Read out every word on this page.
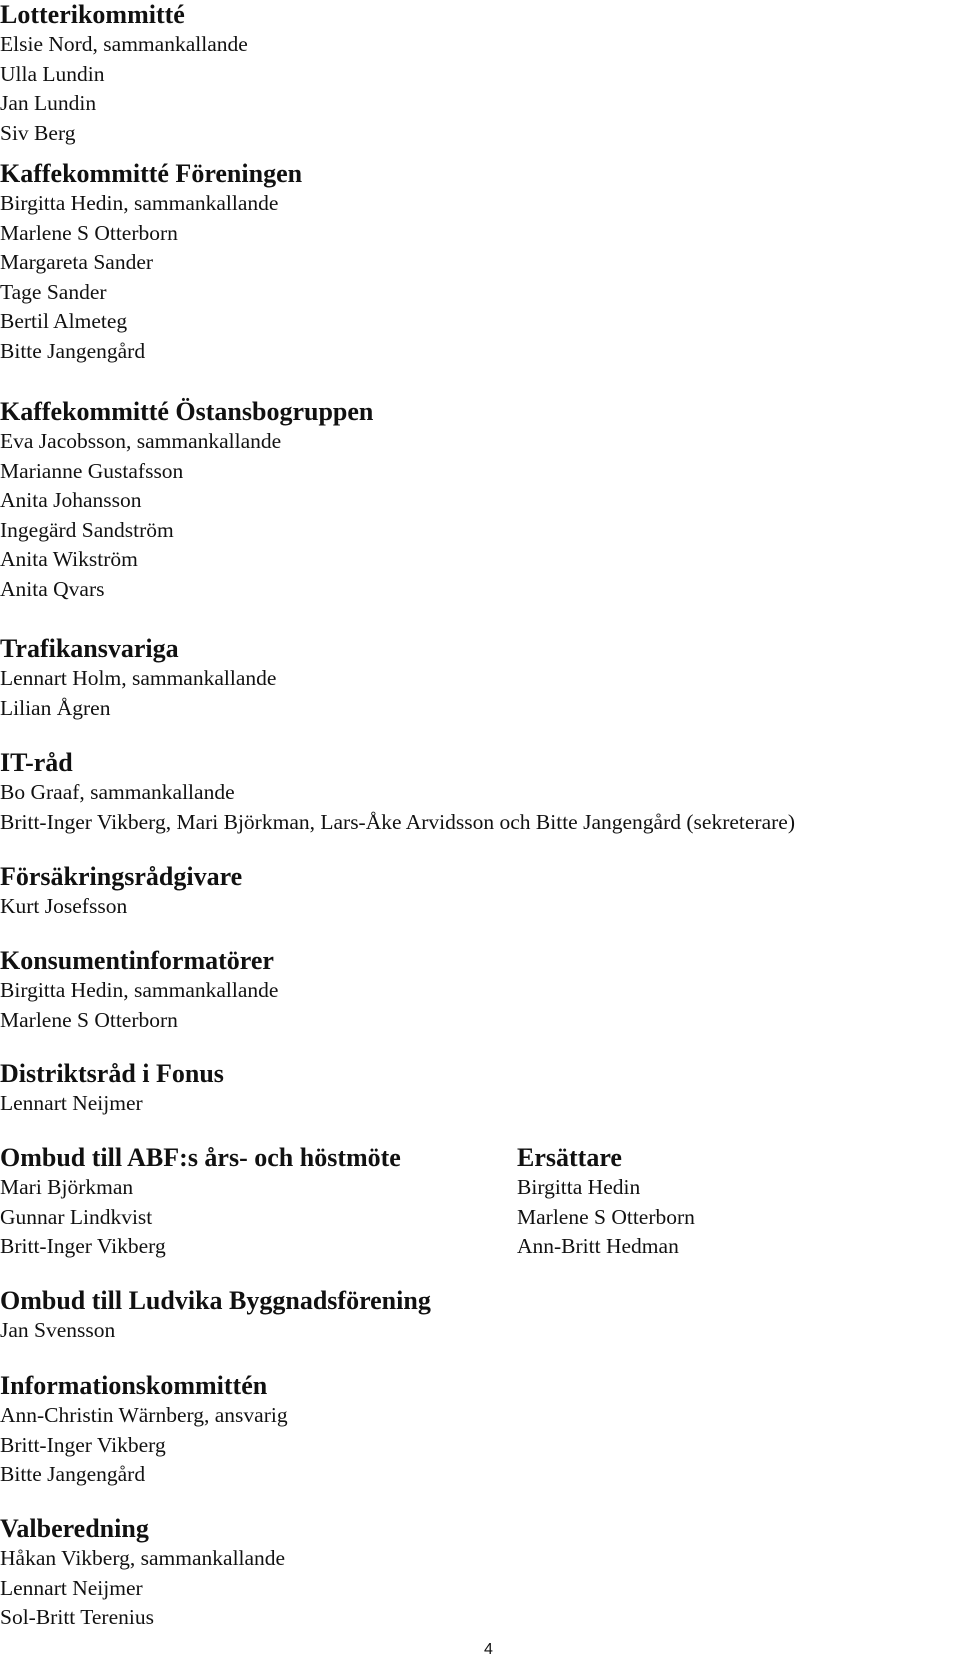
Lotterikommitté
Elsie Nord, sammankallande
Ulla Lundin
Jan Lundin
Siv Berg
Kaffekommitté Föreningen
Birgitta Hedin, sammankallande
Marlene S Otterborn
Margareta Sander
Tage Sander
Bertil Almeteg
Bitte Jangengård
Kaffekommitté Östansbogruppen
Eva Jacobsson, sammankallande
Marianne Gustafsson
Anita Johansson
Ingegärd Sandström
Anita Wikström
Anita Qvars
Trafikansvariga
Lennart Holm, sammankallande
Lilian Ågren
IT-råd
Bo Graaf, sammankallande
Britt-Inger Vikberg, Mari Björkman, Lars-Åke Arvidsson och Bitte Jangengård (sekreterare)
Försäkringsrådgivare
Kurt Josefsson
Konsumentinformatörer
Birgitta Hedin, sammankallande
Marlene S Otterborn
Distriktsråd i Fonus
Lennart Neijmer
Ombud till ABF:s års- och höstmöte
Mari Björkman
Gunnar Lindkvist
Britt-Inger Vikberg
Ersättare
Birgitta Hedin
Marlene S Otterborn
Ann-Britt Hedman
Ombud till Ludvika Byggnadsförening
Jan Svensson
Informationskommittén
Ann-Christin Wärnberg, ansvarig
Britt-Inger Vikberg
Bitte Jangengård
Valberedning
Håkan Vikberg, sammankallande
Lennart Neijmer
Sol-Britt Terenius
4
